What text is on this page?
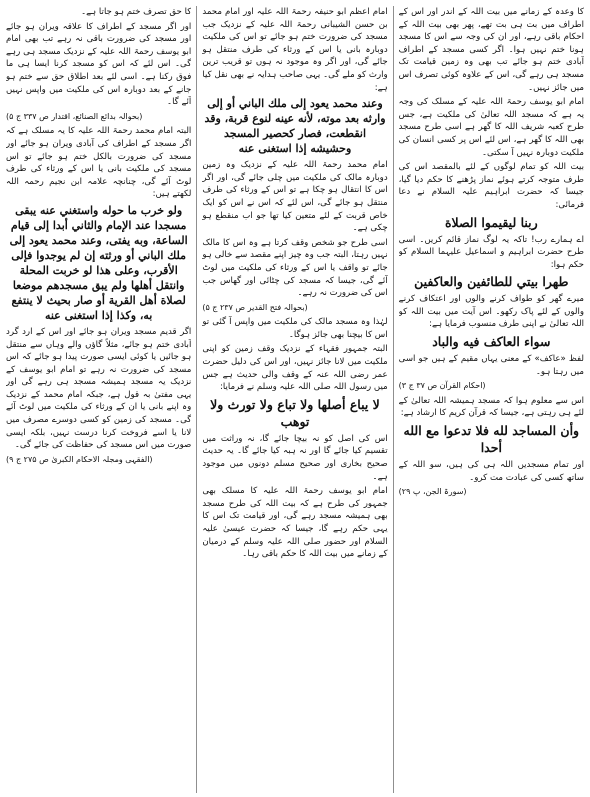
کا حق تصرف ختم ہو جاتا ہے۔

اور اگر مسجد کے اطراف کا علاقہ ویران ہو جائے اور مسجد کی ضرورت باقی نہ رہے تب بھی امام ابو یوسف رحمۃ اللہ علیہ کے نزدیک مسجد ہی رہے گی۔ اس لئے کہ اس کو مسجد کرنا ایسا ہی ما فوق رکنا ہے۔ اسی لئے بعد اطلاق حق سے ختم ہو جانے کے بعد دوبارہ اس کی ملکیت میں واپس نہیں آئے گا۔

(بحوالہ بدائع الصنائع، اقتدار ص ۳۳۷ ج ۵)

البتہ امام محمد رحمۃ اللہ علیہ کا یہ مسلک ہے کہ اگر مسجد کے اطراف کی آبادی ویران ہو جائے اور مسجد کی ضرورت بالکل ختم ہو جائے تو اس مسجد کی ملکیت بانی یا اس کے ورثاء کی طرف لوٹ آئے گی، چنانچہ علامہ ابن نجیم رحمہ اللہ لکھتے ہیں:

ولو خرب ما حوله واستغني عنه يبقى مسجدا عند الإمام والثاني أبدا إلى قيام الساعة، وبه يفتى، وعند محمد يعود إلى ملك الباني أو ورثته إن لم يوجدوا فإلى الأقرب، وعلى هذا لو خربت المحلة وانتقل أهلها ولم يبق مسجدهم موضعا لصلاة أهل القرية أو صار بحيث لا ينتفع به، وكذا إذا استغنى عنه

اگر قدیم مسجد ویران ہو جائے اور اس کے ارد گرد آبادی ختم ہو جائے، مثلاً گاؤں والے وہاں سے منتقل ہو جائیں یا کوئی ایسی صورت پیدا ہو جائے کہ اس مسجد کی ضرورت نہ رہے تو امام ابو یوسف کے نزدیک یہ مسجد ہمیشہ مسجد ہی رہے گی اور یہی مفتیٰ بہ قول ہے، جبکہ امام محمد کے نزدیک وہ اپنے بانی یا ان کے ورثاء کی ملکیت میں لوٹ آئے گی۔ مسجد کی زمین کو کسی دوسرے مصرف میں لانا یا اسے فروخت کرنا درست نہیں، بلکہ ایسی صورت میں اس مسجد کی حفاظت کی جائے گی۔

(الفقہی ومجلہ الاحکام الکبریٰ ص ۲۷۵ ج ۹)

امام اعظم ابو حنیفہ رحمۃ اللہ علیہ اور امام محمد بن حسن الشیبانی رحمۃ اللہ علیہ کے نزدیک جب مسجد کی ضرورت ختم ہو جائے تو اس کی ملکیت دوبارہ بانی یا اس کے ورثاء کی طرف منتقل ہو جائے گی، اور اگر وہ موجود نہ ہوں تو قریب ترین وارث کو ملے گی۔ یہی صاحب ہدایہ نے بھی نقل کیا ہے:

وعند محمد يعود إلى ملك الباني أو إلى وارثه بعد موته، لأنه عينه لنوع قربة، وقد انقطعت، فصار كحصير المسجد وحشيشه إذا استغنى عنه

امام محمد رحمۃ اللہ علیہ کے نزدیک وہ زمین دوبارہ مالک کی ملکیت میں چلی جائے گی، اور اگر اس کا انتقال ہو چکا ہے تو اس کے ورثاء کی طرف منتقل ہو جائے گی، اس لئے کہ اس نے اس کو ایک خاص قربت کے لئے متعین کیا تھا جو اب منقطع ہو چکی ہے۔

اسی طرح جو شخص وقف کرتا ہے وہ اس کا مالک نہیں رہتا، البتہ جب وہ چیز اپنے مقصد سے خالی ہو جائے تو واقف یا اس کے ورثاء کی ملکیت میں لوٹ آئے گی، جیسا کہ مسجد کی چٹائی اور گھاس جب اس کی ضرورت نہ رہے۔

(بحوالہ فتح القدیر ص ۲۳۷ ج ۵)

لہٰذا وہ مسجد مالک کی ملکیت میں واپس آ گئی تو اس کا بیچنا بھی جائز ہوگا۔

البتہ جمہور فقہاء کے نزدیک وقف زمین کو اپنی ملکیت میں لانا جائز نہیں، اور اس کی دلیل حضرت عمر رضی اللہ عنہ کے وقف والی حدیث ہے جس میں رسول اللہ صلی اللہ علیہ وسلم نے فرمایا:

لا يباع أصلها ولا تباع ولا تورث ولا توهب

اس کی اصل کو نہ بیچا جائے گا، نہ وراثت میں تقسیم کیا جائے گا اور نہ ہبہ کیا جائے گا۔ یہ حدیث صحیح بخاری اور صحیح مسلم دونوں میں موجود ہے۔

امام ابو یوسف رحمۃ اللہ علیہ کا مسلک بھی جمہور کی طرح ہے کہ بیت اللہ کی طرح مسجد بھی ہمیشہ مسجد رہے گی، اور قیامت تک اس کا یہی حکم رہے گا، جیسا کہ حضرت عیسیٰ علیہ السلام اور حضور صلی اللہ علیہ وسلم کے درمیان کے زمانے میں بیت اللہ کا حکم باقی رہا۔

کا وعدہ کے زمانے میں بیت اللہ کے اندر اور اس کے اطراف میں بت ہی بت تھے، پھر بھی بیت اللہ کے احکام باقی رہے، اور ان کی وجہ سے اس کا مسجد ہونا ختم نہیں ہوا۔ اگر کسی مسجد کے اطراف آبادی ختم ہو جائے تب بھی وہ زمین قیامت تک مسجد ہی رہے گی، اس کے علاوہ کوئی تصرف اس میں جائز نہیں۔

امام ابو یوسف رحمۃ اللہ علیہ کے مسلک کی وجہ یہ ہے کہ مسجد اللہ تعالیٰ کی ملکیت ہے، جس طرح کعبہ شریف اللہ کا گھر ہے اسی طرح مسجد بھی اللہ کا گھر ہے، اس لئے اس پر کسی انسان کی ملکیت دوبارہ نہیں آ سکتی۔

بیت اللہ کو تمام لوگوں کے لئے بالمقصد اس کی طرف متوجہ کرتے ہوئے نماز پڑھنے کا حکم دیا گیا، جیسا کہ حضرت ابراہیم علیہ السلام نے دعا فرمائی:

ربنا ليقيموا الصلاة

اے ہمارے رب! تاکہ یہ لوگ نماز قائم کریں۔ اسی طرح حضرت ابراہیم و اسماعیل علیہما السلام کو حکم ہوا:

طهرا بيتي للطائفين والعاكفين

میرے گھر کو طواف کرنے والوں اور اعتکاف کرنے والوں کے لئے پاک رکھو۔ اس آیت میں بیت اللہ کو اللہ تعالیٰ نے اپنی طرف منسوب فرمایا ہے:

سواء العاكف فيه والباد

لفظ «عاکف» کے معنی یہاں مقیم کے ہیں جو اسی میں رہتا ہو۔

(احکام القرآن ص ۳۷ ج ۳)

اس سے معلوم ہوا کہ مسجد ہمیشہ اللہ تعالیٰ کے لئے ہی رہتی ہے، جیسا کہ قرآن کریم کا ارشاد ہے:

وأن المساجد لله فلا تدعوا مع الله أحدا

اور تمام مسجدیں اللہ ہی کی ہیں، سو اللہ کے ساتھ کسی کی عبادت مت کرو۔

(سورۃ الجن، پ ۲۹)
